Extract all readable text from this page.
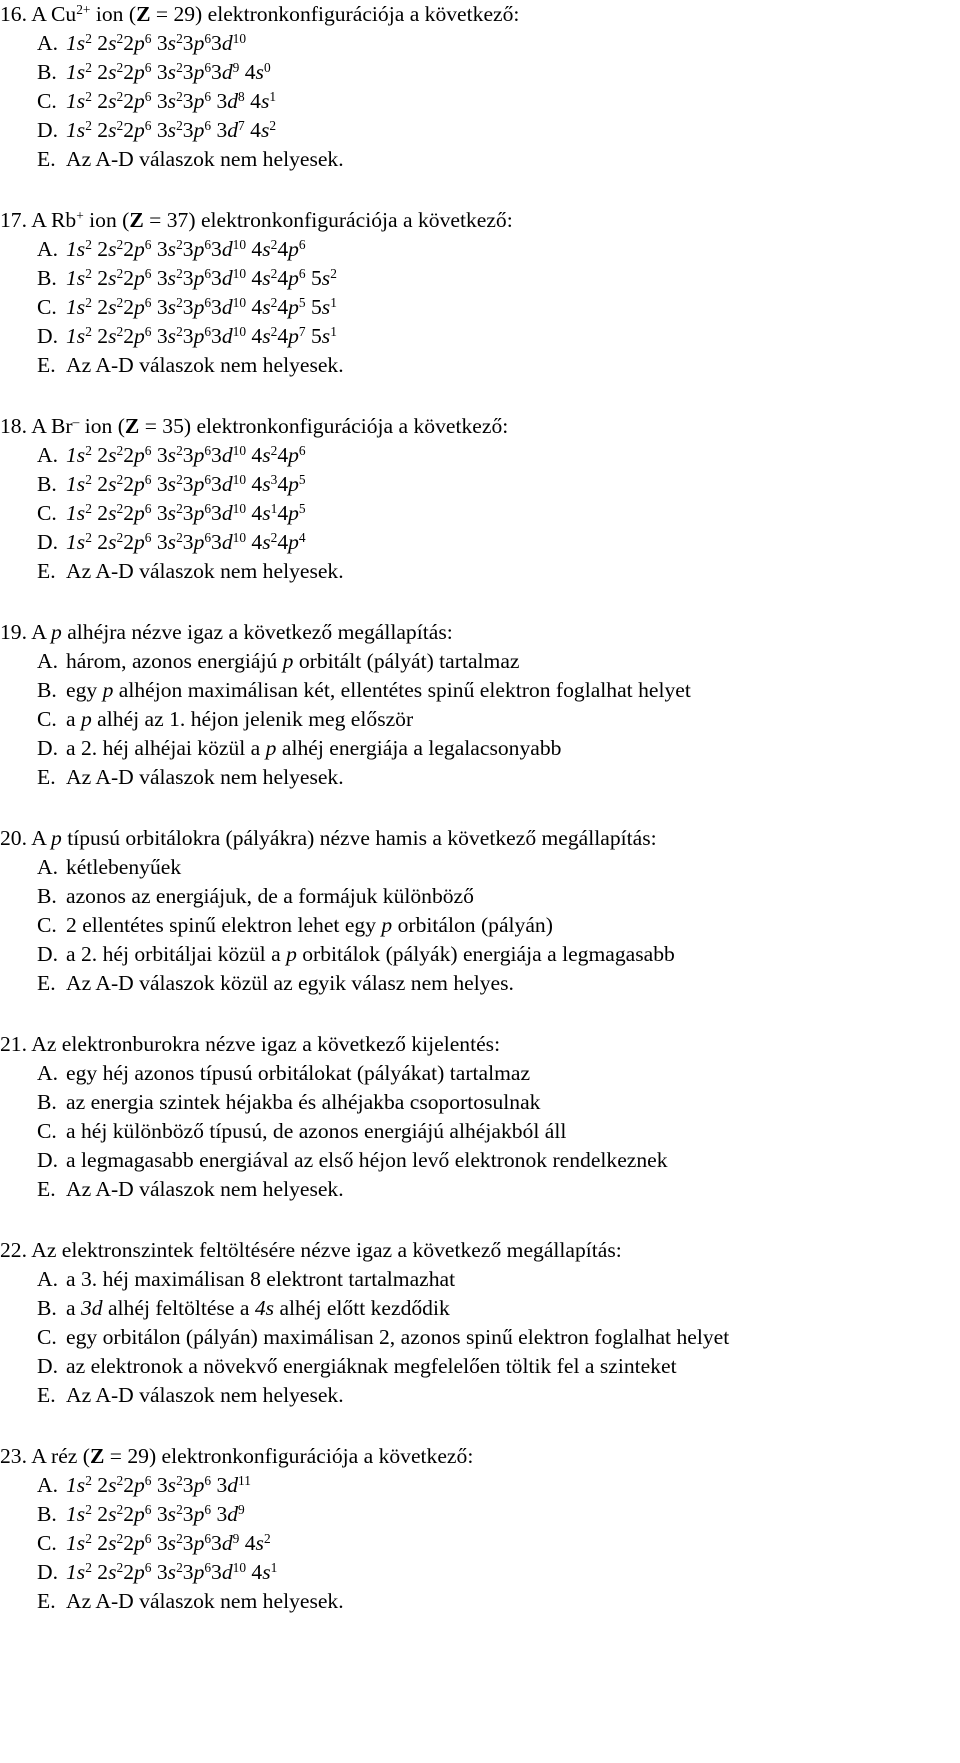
16. A $Cu^{2+}$ ion (Z = 29) elektronkonfigurációja a következő:
A. $1s^2$ $2s^22p^6$ $3s^23p^63d^{10}$
B. $1s^2$ $2s^22p^6$ $3s^23p^63d^9$ $4s^0$
C. $1s^2$ $2s^22p^6$ $3s^23p^6$ $3d^8$ $4s^1$
D. $1s^2$ $2s^22p^6$ $3s^23p^6$ $3d^7$ $4s^2$
E. Az A-D válaszok nem helyesek.
17. A Rb+ ion (Z = 37) elektronkonfigurációja a következő:
A. $1s^2$ $2s^22p^6$ $3s^23p^63d^{10}$ $4s^24p^6$
B. $1s^2$ $2s^22p^6$ $3s^23p^63d^{10}$ $4s^24p^6$ $5s^2$
C. $1s^2$ $2s^22p^6$ $3s^23p^63d^{10}$ $4s^24p^5$ $5s^1$
D. $1s^2$ $2s^22p^6$ $3s^23p^63d^{10}$ $4s^24p^7$ $5s^1$
E. Az A-D válaszok nem helyesek.
18. A Br– ion (Z = 35) elektronkonfigurációja a következő:
A. $1s^2$ $2s^22p^6$ $3s^23p^63d^{10}$ $4s^24p^6$
B. $1s^2$ $2s^22p^6$ $3s^23p^63d^{10}$ $4s^34p^5$
C. $1s^2$ $2s^22p^6$ $3s^23p^63d^{10}$ $4s^14p^5$
D. $1s^2$ $2s^22p^6$ $3s^23p^63d^{10}$ $4s^24p^4$
E. Az A-D válaszok nem helyesek.
19. A p alhéjra nézve igaz a következő megállapítás:
A. három, azonos energiájú p orbitált (pályát) tartalmaz
B. egy p alhéjon maximálisan két, ellentétes spinű elektron foglalhat helyet
C. a p alhéj az 1. héjon jelenik meg először
D. a 2. héj alhéjai közül a p alhéj energiája a legalacsonyabb
E. Az A-D válaszok nem helyesek.
20. A p típusú orbitálokra (pályákra) nézve hamis a következő megállapítás:
A. kétlebenyűek
B. azonos az energiájuk, de a formájuk különböző
C. 2 ellentétes spinű elektron lehet egy p orbitálon (pályán)
D. a 2. héj orbitáljai közül a p orbitálok (pályák) energiája a legmagasabb
E. Az A-D válaszok közül az egyik válasz nem helyes.
21. Az elektronburokra nézve igaz a következő kijelentés:
A. egy héj azonos típusú orbitálokat (pályákat) tartalmaz
B. az energia szintek héjakba és alhéjakba csoportosulnak
C. a héj különböző típusú, de azonos energiájú alhéjakból áll
D. a legmagasabb energiával az első héjon levő elektronok rendelkeznek
E. Az A-D válaszok nem helyesek.
22. Az elektronszintek feltöltésére nézve igaz a következő megállapítás:
A. a 3. héj maximálisan 8 elektront tartalmazhat
B. a 3d alhéj feltöltése a 4s alhéj előtt kezdődik
C. egy orbitálon (pályán) maximálisan 2, azonos spinű elektron foglalhat helyet
D. az elektronok a növekvő energiáknak megfelelően töltik fel a szinteket
E. Az A-D válaszok nem helyesek.
23. A réz (Z = 29) elektronkonfigurációja a következő:
A. $1s^2$ $2s^22p^6$ $3s^23p^6$ $3d^{11}$
B. $1s^2$ $2s^22p^6$ $3s^23p^6$ $3d^9$
C. $1s^2$ $2s^22p^6$ $3s^23p^63d^9$ $4s^2$
D. $1s^2$ $2s^22p^6$ $3s^23p^63d^{10}$ $4s^1$
E. Az A-D válaszok nem helyesek.
